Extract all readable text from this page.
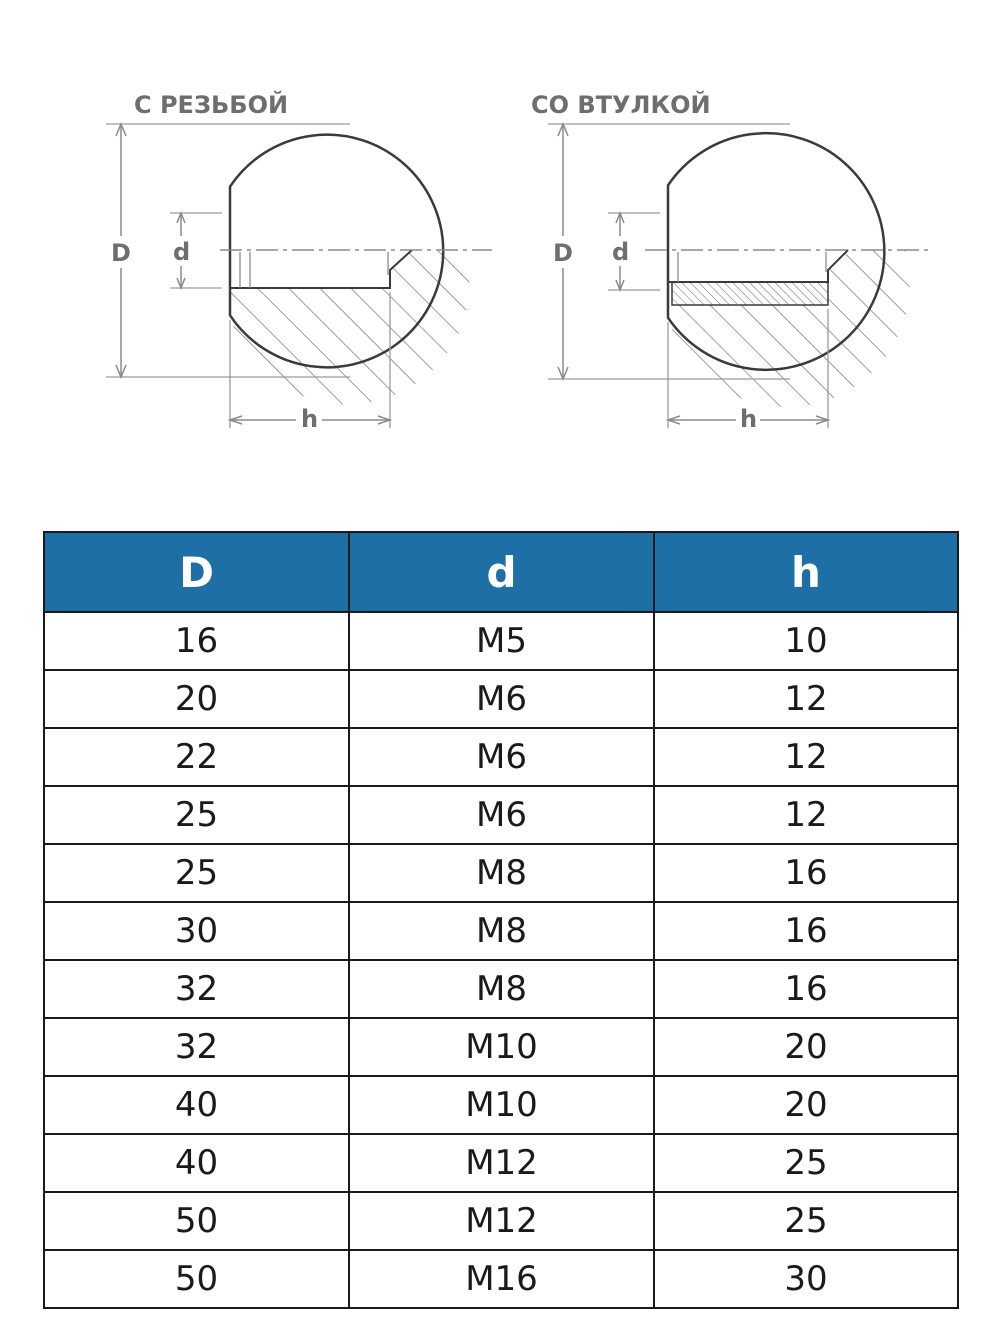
С РЕЗЬБОЙ
D d
h
СО ВТУЛКОЙ
D d
h
D	d	h
16	M5	10
20	M6	12
22	M6	12
25	M6	12
25	M8	16
30	M8	16
32	M8	16
32	M10	20
40	M10	20
40	M12	25
50	M12	25
50	M16	30
